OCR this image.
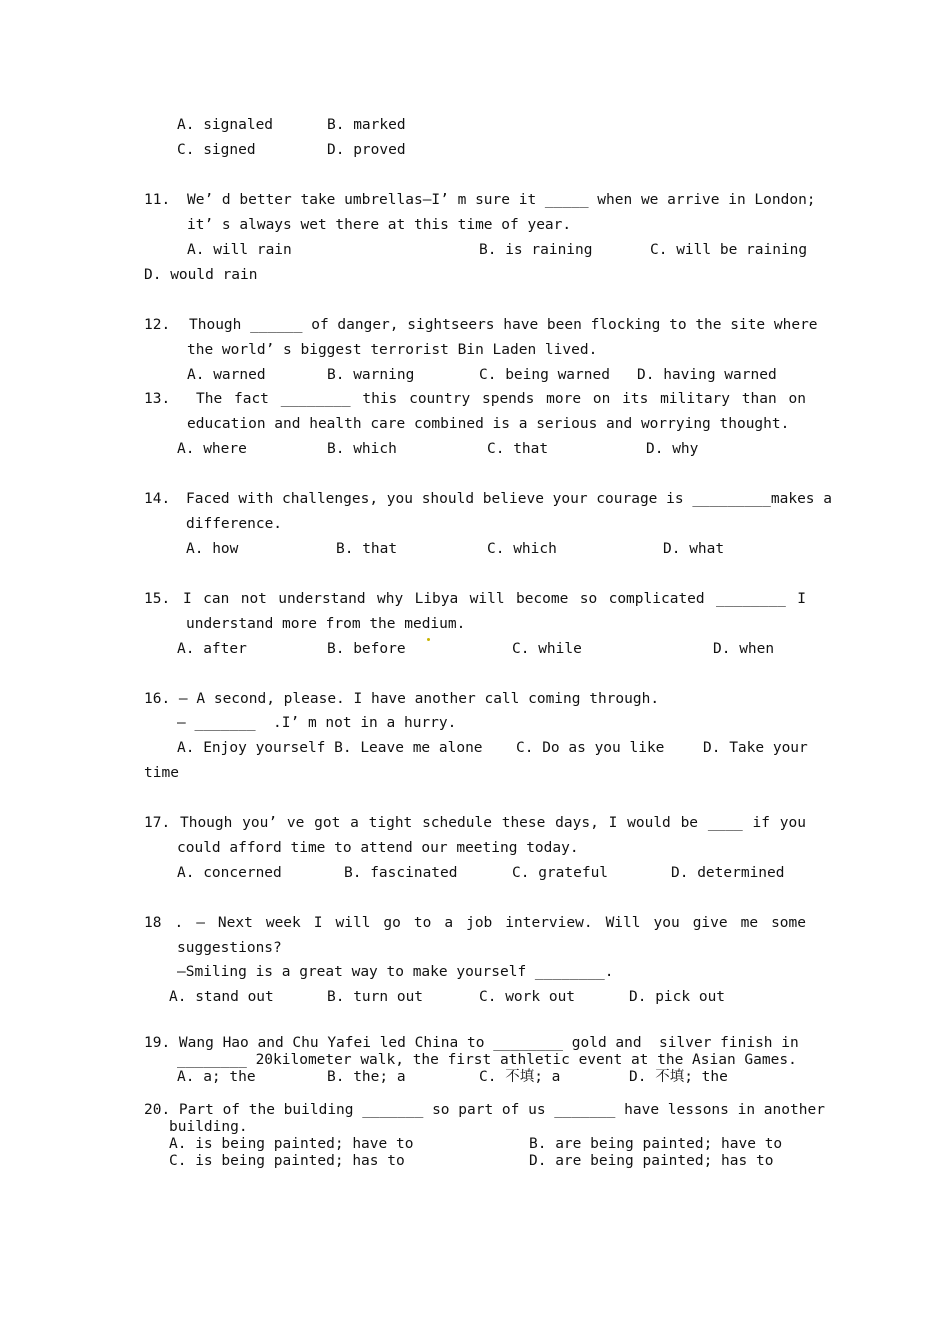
A. signaled	B. marked
C. signed	D. proved
11. We’ d better take umbrellas—I’ m sure it _____ when we arrive in London;
it’ s always wet there at this time of year.
A. will rain	B. is raining	C. will be raining
D. would rain
12. Though ______ of danger, sightseers have been flocking to the site where
the world’ s biggest terrorist Bin Laden lived.
A. warned	B. warning	C. being warned D. having warned
13. The fact ________ this country spends more on its military than on
education and health care combined is a serious and worrying thought.
A. where	B. which	C. that	D. why
14. Faced with challenges, you should believe your courage is _________makes a
difference.
A. how	B. that	C. which	D. what
15. I can not understand why Libya will become so complicated ________ I
understand more from the medium.
A. after	B. before	C. while	D. when
16. — A second, please. I have another call coming through.
— _______  .I’ m not in a hurry.
A. Enjoy yourself B. Leave me alone C. Do as you like	D. Take your
time
17. Though you’ ve got a tight schedule these days, I would be ____ if you
could afford time to attend our meeting today.
A. concerned	B. fascinated	C. grateful	D. determined
18 . — Next week I will go to a job interview. Will you give me some
suggestions?
—Smiling is a great way to make yourself ________.
A. stand out	B. turn out	C. work out	D. pick out
19. Wang Hao and Chu Yafei led China to ________ gold and  silver finish in
________ 20kilometer walk, the first athletic event at the Asian Games.
A. a; the	B. the; a	C. 不填; a	D. 不填; the
20. Part of the building _______ so part of us _______ have lessons in another
building.
A. is being painted; have to	B. are being painted; have to
C. is being painted; has to	D. are being painted; has to
